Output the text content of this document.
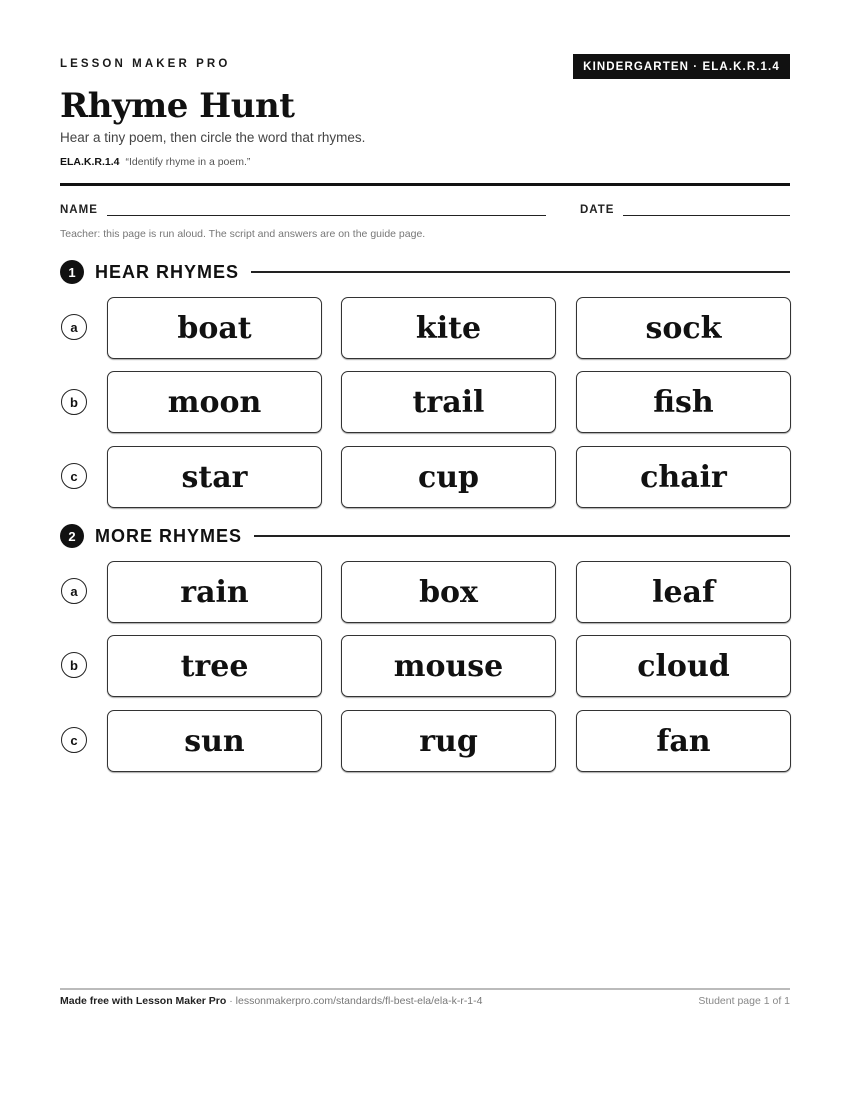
LESSON MAKER PRO	KINDERGARTEN · ELA.K.R.1.4
Rhyme Hunt
Hear a tiny poem, then circle the word that rhymes.
ELA.K.R.1.4 “Identify rhyme in a poem.”
NAME	DATE
Teacher: this page is run aloud. The script and answers are on the guide page.
1	HEAR RHYMES
a	boat	kite	sock
b	moon	trail	fish
c	star	cup	chair
2	MORE RHYMES
a	rain	box	leaf
b	tree	mouse	cloud
c	sun	rug	fan
Made free with Lesson Maker Pro · lessonmakerpro.com/standards/fl-best-ela/ela-k-r-1-4	Student page 1 of 1
